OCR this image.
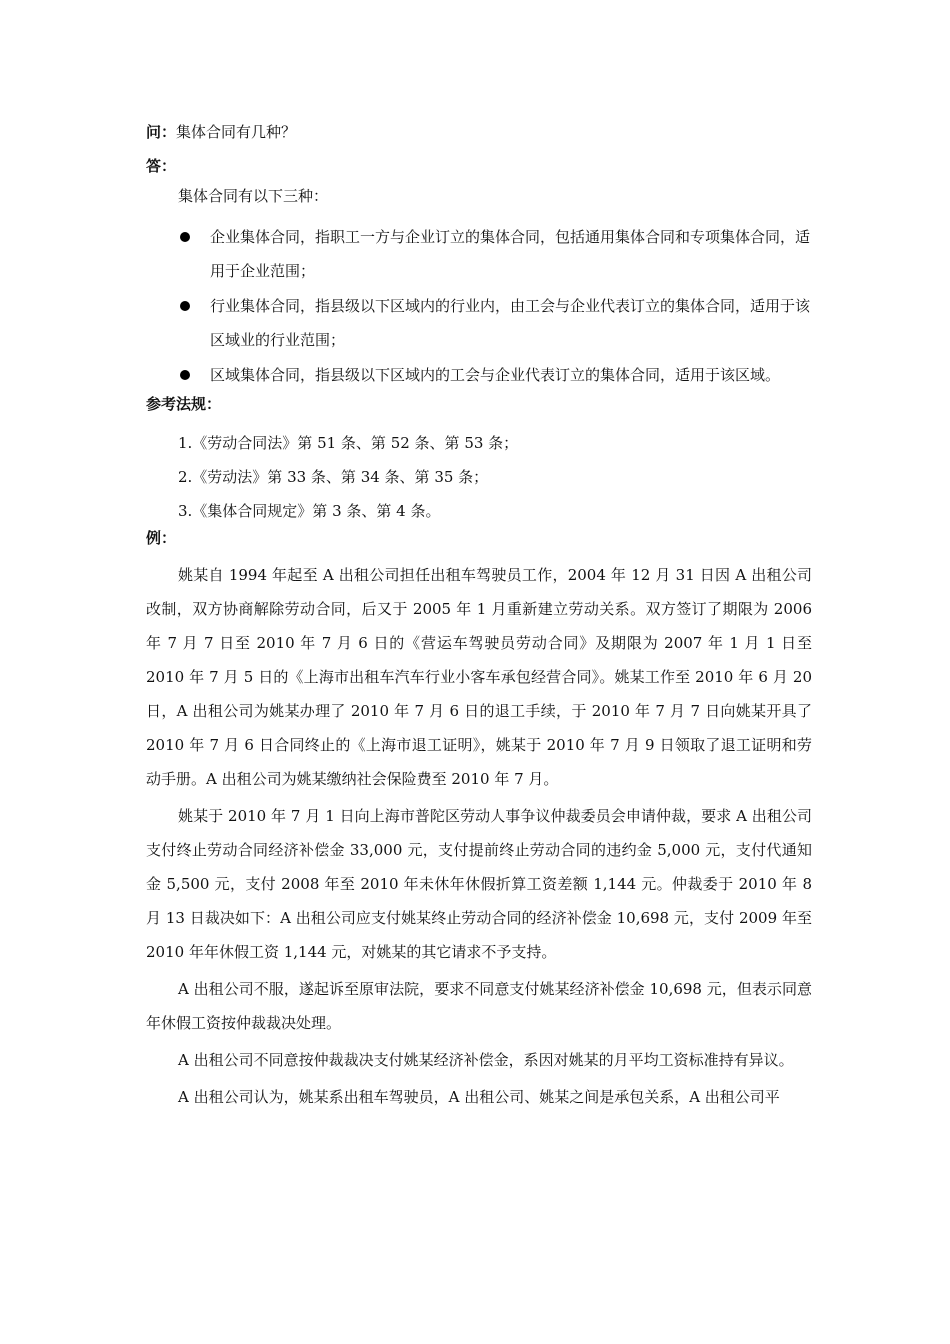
问：集体合同有几种？
答：
集体合同有以下三种：
企业集体合同，指职工一方与企业订立的集体合同，包括通用集体合同和专项集体合同，适用于企业范围；
行业集体合同，指县级以下区域内的行业内，由工会与企业代表订立的集体合同，适用于该区域业的行业范围；
区域集体合同，指县级以下区域内的工会与企业代表订立的集体合同，适用于该区域。
参考法规：
1.《劳动合同法》第 51 条、第 52 条、第 53 条；
2.《劳动法》第 33 条、第 34 条、第 35 条；
3.《集体合同规定》第 3 条、第 4 条。
例：

姚某自 1994 年起至 A 出租公司担任出租车驾驶员工作，2004 年 12 月 31 日因 A 出租公司改制，双方协商解除劳动合同，后又于 2005 年 1 月重新建立劳动关系。双方签订了期限为 2006 年 7 月 7 日至 2010 年 7 月 6 日的《营运车驾驶员劳动合同》及期限为 2007 年 1 月 1 日至 2010 年 7 月 5 日的《上海市出租车汽车行业小客车承包经营合同》。姚某工作至 2010 年 6 月 20 日，A 出租公司为姚某办理了 2010 年 7 月 6 日的退工手续，于 2010 年 7 月 7 日向姚某开具了 2010 年 7 月 6 日合同终止的《上海市退工证明》，姚某于 2010 年 7 月 9 日领取了退工证明和劳动手册。A 出租公司为姚某缴纳社会保险费至 2010 年 7 月。

姚某于 2010 年 7 月 1 日向上海市普陀区劳动人事争议仲裁委员会申请仲裁，要求 A 出租公司支付终止劳动合同经济补偿金 33,000 元，支付提前终止劳动合同的违约金 5,000 元，支付代通知金 5,500 元，支付 2008 年至 2010 年未休年休假折算工资差额 1,144 元。仲裁委于 2010 年 8 月 13 日裁决如下：A 出租公司应支付姚某终止劳动合同的经济补偿金 10,698 元，支付 2009 年至 2010 年年休假工资 1,144 元，对姚某的其它请求不予支持。

A 出租公司不服，遂起诉至原审法院，要求不同意支付姚某经济补偿金 10,698 元，但表示同意年休假工资按仲裁裁决处理。

A 出租公司不同意按仲裁裁决支付姚某经济补偿金，系因对姚某的月平均工资标准持有异议。

A 出租公司认为，姚某系出租车驾驶员，A 出租公司、姚某之间是承包关系，A 出租公司平
